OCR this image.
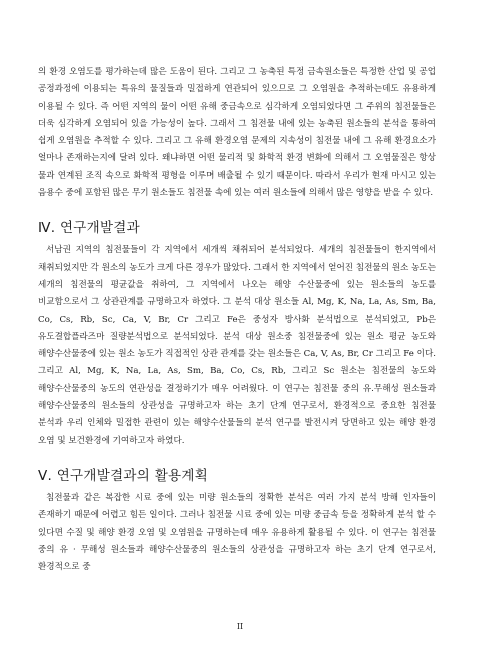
의 환경 오염도를 평가하는데 많은 도움이 된다. 그리고 그 농축된 특정 금속원소들은 특정한 산업 및 공업 공정과정에 이용되는 특유의 물질들과 밀접하게 연관되어 있으므로 그 오염원을 추적하는데도 유용하게 이용될 수 있다. 즉 어떤 지역의 물이 어떤 유해 중금속으로 심각하게 오염되었다면 그 주위의 침전물들은 더욱 심각하게 오염되어 있을 가능성이 높다. 그래서 그 침전물 내에 있는 농축된 원소들의 분석을 통하여 쉽게 오염원을 추적할 수 있다. 그리고 그 유해 환경오염 문제의 지속성이 침전물 내에 그 유해 환경요소가 얼마나 존재하는지에 달려 있다. 왜냐하면 어떤 물리적 및 화학적 환경 변화에 의해서 그 오염물질은 항상 물과 연계된 조직 속으로 화학적 평형을 이루며 배출될 수 있기 때문이다. 따라서 우리가 현재 마시고 있는 음용수 중에 포함된 많은 무기 원소들도 침전물 속에 있는 여러 원소들에 의해서 많은 영향을 받을 수 있다.

Ⅳ. 연구개발결과

서남권 지역의 침전물들이 각 지역에서 세개씩 채취되어 분석되었다. 세개의 침전물들이 한지역에서 채취되었지만 각 원소의 농도가 크게 다른 경우가 많았다. 그래서 한 지역에서 얻어진 침전물의 원소 농도는 세개의 침전물의 평균값을 취하여, 그 지역에서 나오는 해양 수산물중에 있는 원소들의 농도를 비교함으로서 그 상관관계를 규명하고자 하였다. 그 분석 대상 원소들 Al, Mg, K, Na, La, As, Sm, Ba, Co, Cs, Rb, Sc, Ca, V, Br, Cr 그리고 Fe은 중성자 방사화 분석법으로 분석되었고, Pb은 유도결합플라즈마 질량분석법으로 분석되었다. 분석 대상 원소중 침전물중에 있는 원소 평균 농도와 해양수산물중에 있는 원소 농도가 직접적인 상관 관계를 갖는 원소들은 Ca, V, As, Br, Cr 그리고 Fe 이다. 그리고 Al, Mg, K, Na, La, As, Sm, Ba, Co, Cs, Rb, 그리고 Sc 원소는 침전물의 농도와 해양수산물중의 농도의 연관성을 결정하기가 매우 어려웠다. 이 연구는 침전물 중의 유.무해성 원소들과 해양수산물중의 원소들의 상관성을 규명하고자 하는 초기 단계 연구로서, 환경적으로 중요한 침전물 분석과 우리 인체와 밀접한 관련이 있는 해양수산물들의 분석 연구를 발전시켜 당면하고 있는 해양 환경 오염 및 보건환경에 기여하고자 하였다.

Ⅴ. 연구개발결과의 활용계획

침전물과 같은 복잡한 시료 중에 있는 미량 원소들의 정확한 분석은 여러 가지 분석 방해 인자들이 존재하기 때문에 어렵고 힘든 일이다. 그러나 침전물 시료 중에 있는 미량 중금속 등을 정확하게 분석 할 수 있다면 수질 및 해양 환경 오염 및 오염원을 규명하는데 매우 유용하게 활용될 수 있다. 이 연구는 침전물 중의 유 · 무해성 원소들과 해양수산물중의 원소들의 상관성을 규명하고자 하는 초기 단계 연구로서, 환경적으로 중

II
